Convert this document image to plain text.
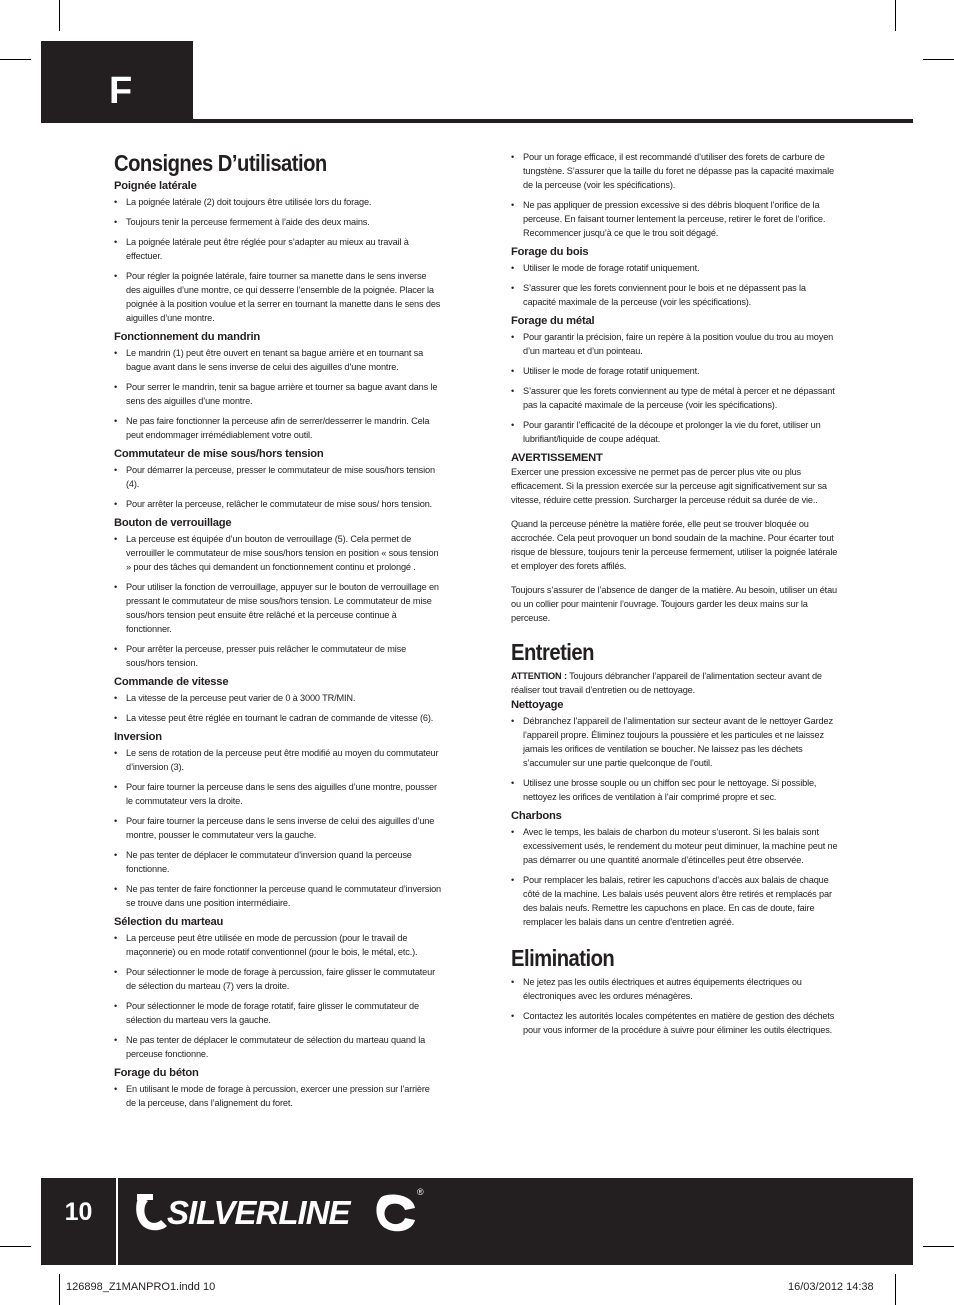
F
Consignes D’utilisation
Poignée latérale
• La poignée latérale (2) doit toujours être utilisée lors du forage.
• Toujours tenir la perceuse fermement à l’aide des deux mains.
• La poignée latérale peut être réglée pour s’adapter au mieux au travail à effectuer.
• Pour régler la poignée latérale, faire tourner sa manette dans le sens inverse des aiguilles d’une montre, ce qui desserre l’ensemble de la poignée. Placer la poignée à la position voulue et la serrer en tournant la manette dans le sens des aiguilles d’une montre.
Fonctionnement du mandrin
• Le mandrin (1) peut être ouvert en tenant sa bague arrière et en tournant sa bague avant dans le sens inverse de celui des aiguilles d’une montre.
• Pour serrer le mandrin, tenir sa bague arrière et tourner sa bague avant dans le sens des aiguilles d’une montre.
• Ne pas faire fonctionner la perceuse afin de serrer/desserrer le mandrin. Cela peut endommager irrémédiablement votre outil.
Commutateur de mise sous/hors tension
• Pour démarrer la perceuse, presser le commutateur de mise sous/hors tension (4).
• Pour arrêter la perceuse, relâcher le commutateur de mise sous/ hors tension.
Bouton de verrouillage
• La perceuse est équipée d’un bouton de verrouillage (5). Cela permet de verrouiller le commutateur de mise sous/hors tension en position « sous tension » pour des tâches qui demandent un fonctionnement continu et prolongé .
• Pour utiliser la fonction de verrouillage, appuyer sur le bouton de verrouillage en pressant le commutateur de mise sous/hors tension. Le commutateur de mise sous/hors tension peut ensuite être relâché et la perceuse continue à fonctionner.
• Pour arrêter la perceuse, presser puis relâcher le commutateur de mise sous/hors tension.
Commande de vitesse
• La vitesse de la perceuse peut varier de 0 à 3000 TR/MIN.
• La vitesse peut être réglée en tournant le cadran de commande de vitesse (6).
Inversion
• Le sens de rotation de la perceuse peut être modifié au moyen du commutateur d’inversion (3).
• Pour faire tourner la perceuse dans le sens des aiguilles d’une montre, pousser le commutateur vers la droite.
• Pour faire tourner la perceuse dans le sens inverse de celui des aiguilles d’une montre, pousser le commutateur vers la gauche.
• Ne pas tenter de déplacer le commutateur d’inversion quand la perceuse fonctionne.
• Ne pas tenter de faire fonctionner la perceuse quand le commutateur d’inversion se trouve dans une position intermédiaire.
Sélection du marteau
• La perceuse peut être utilisée en mode de percussion (pour le travail de maçonnerie) ou en mode rotatif conventionnel (pour le bois, le métal, etc.).
• Pour sélectionner le mode de forage à percussion, faire glisser le commutateur de sélection du marteau (7) vers la droite.
• Pour sélectionner le mode de forage rotatif, faire glisser le commutateur de sélection du marteau vers la gauche.
• Ne pas tenter de déplacer le commutateur de sélection du marteau quand la perceuse fonctionne.
Forage du béton
• En utilisant le mode de forage à percussion, exercer une pression sur l’arrière de la perceuse, dans l’alignement du foret.
• Pour un forage efficace, il est recommandé d’utiliser des forets de carbure de tungstène. S’assurer que la taille du foret ne dépasse pas la capacité maximale de la perceuse (voir les spécifications).
• Ne pas appliquer de pression excessive si des débris bloquent l’orifice de la perceuse. En faisant tourner lentement la perceuse, retirer le foret de l’orifice. Recommencer jusqu’à ce que le trou soit dégagé.
Forage du bois
• Utiliser le mode de forage rotatif uniquement.
• S’assurer que les forets conviennent pour le bois et ne dépassent pas la capacité maximale de la perceuse (voir les spécifications).
Forage du métal
• Pour garantir la précision, faire un repère à la position voulue du trou au moyen d’un marteau et d’un pointeau.
• Utiliser le mode de forage rotatif uniquement.
• S’assurer que les forets conviennent au type de métal à percer et ne dépassant pas la capacité maximale de la perceuse (voir les spécifications).
• Pour garantir l’efficacité de la découpe et prolonger la vie du foret, utiliser un lubrifiant/liquide de coupe adéquat.
AVERTISSEMENT

Exercer une pression excessive ne permet pas de percer plus vite ou plus efficacement. Si la pression exercée sur la perceuse agit significativement sur sa vitesse, réduire cette pression. Surcharger la perceuse réduit sa durée de vie..

Quand la perceuse pénètre la matière forée, elle peut se trouver bloquée ou accrochée. Cela peut provoquer un bond soudain de la machine. Pour écarter tout risque de blessure, toujours tenir la perceuse fermement, utiliser la poignée latérale et employer des forets affilés.

Toujours s’assurer de l’absence de danger de la matière. Au besoin, utiliser un étau ou un collier pour maintenir l’ouvrage. Toujours garder les deux mains sur la perceuse.

Entretien

ATTENTION : Toujours débrancher l’appareil de l’alimentation secteur avant de réaliser tout travail d’entretien ou de nettoyage.

Nettoyage
• Débranchez l’appareil de l’alimentation sur secteur avant de le nettoyer Gardez l’appareil propre. Éliminez toujours la poussière et les particules et ne laissez jamais les orifices de ventilation se boucher. Ne laissez pas les déchets s’accumuler sur une partie quelconque de l’outil.
• Utilisez une brosse souple ou un chiffon sec pour le nettoyage. Si possible, nettoyez les orifices de ventilation à l’air comprimé propre et sec.
Charbons
• Avec le temps, les balais de charbon du moteur s’useront. Si les balais sont excessivement usés, le rendement du moteur peut diminuer, la machine peut ne pas démarrer ou une quantité anormale d’étincelles peut être observée.
• Pour remplacer les balais, retirer les capuchons d’accès aux balais de chaque côté de la machine. Les balais usés peuvent alors être retirés et remplacés par des balais neufs. Remettre les capuchons en place. En cas de doute, faire remplacer les balais dans un centre d’entretien agréé.
Elimination
• Ne jetez pas les outils électriques et autres équipements électriques ou électroniques avec les ordures ménagères.
• Contactez les autorités locales compétentes en matière de gestion des déchets pour vous informer de la procédure à suivre pour éliminer les outils électriques.
10	SILVERLINE
®
126898_Z1MANPRO1.indd 10	16/03/2012 14:38
